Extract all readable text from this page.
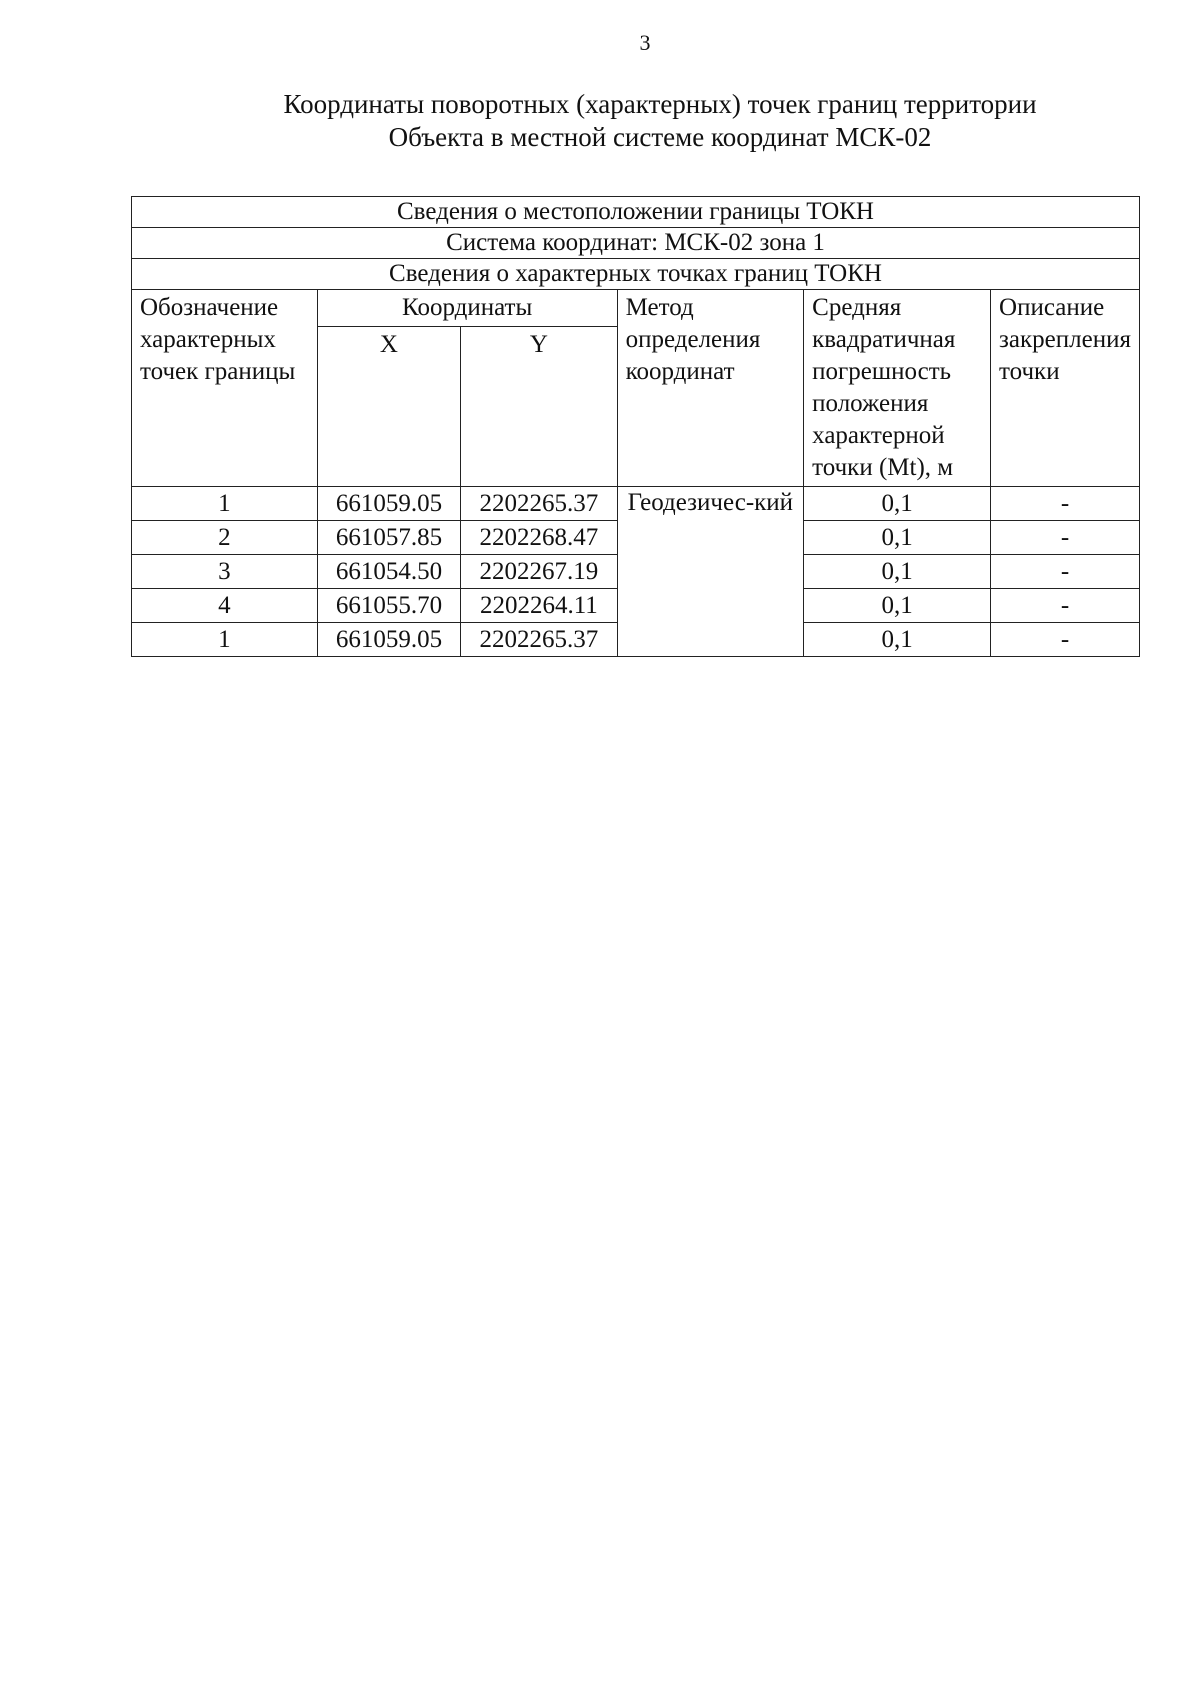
3
Координаты поворотных (характерных) точек границ территории
Объекта в местной системе координат МСК-02
Сведения о местоположении границы ТОКН					
Система координат: МСК-02 зона 1					
Сведения о характерных точках границ ТОКН					
Обозначение характерных точек границы	Координаты		Метод определения координат	Средняя квадратичная погрешность положения характерной точки (Mt), м	Описание закрепления точки
	X	Y			
1	661059.05	2202265.37	Геодезичес-кий	0,1	-
2	661057.85	2202268.47		0,1	-
3	661054.50	2202267.19		0,1	-
4	661055.70	2202264.11		0,1	-
1	661059.05	2202265.37		0,1	-
